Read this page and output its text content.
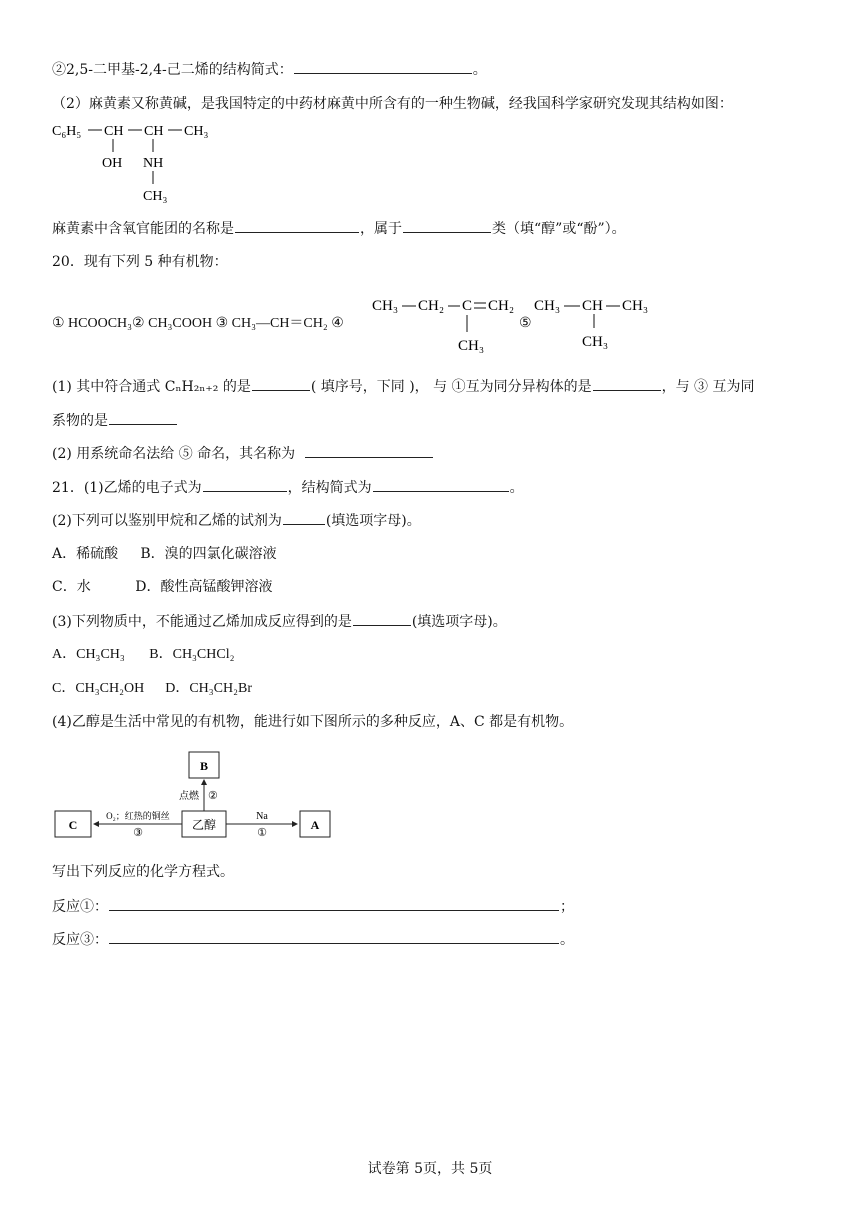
②2,5-二甲基-2,4-己二烯的结构简式：	。
（2）麻黄素又称黄碱，是我国特定的中药材麻黄中所含有的一种生物碱，经我国科学家研究发现其结构如图：
C₆H₅ CH CH CH₃
OH NH
CH₃
麻黄素中含氧官能团的名称是	，属于	类（填“醇”或“酚”）。
20．现有下列 5 种有机物：
① HCOOCH₃② CH₃COOH ③ CH₃—CH＝CH₂ ④
CH₃ CH₂ C CH₂
CH₃
⑤
CH₃ CH CH₃
CH₃
(1) 其中符合通式 CₙH₂ₙ₊₂ 的是	( 填序号，下同 )， 与 ①互为同分异构体的是	，与 ③ 互为同
系物的是
(2) 用系统命名法给 ⑤ 命名，其名称为
21．(1)乙烯的电子式为	，结构简式为	。
(2)下列可以鉴别甲烷和乙烯的试剂为	(填选项字母)。
A．稀硫酸     B．溴的四氯化碳溶液
C．水          D．酸性高锰酸钾溶液
(3)下列物质中，不能通过乙烯加成反应得到的是	(填选项字母)。
A．CH₃CH₃       B．CH₃CHCl₂
C．CH₃CH₂OH      D．CH₃CH₂Br
(4)乙醇是生活中常见的有机物，能进行如下图所示的多种反应，A、C 都是有机物。
B
点燃 ②
C	乙醇	A
O₂；红热的铜丝
③
Na
①
写出下列反应的化学方程式。
反应①：	；
反应③：	。
试卷第 5页，共 5页
